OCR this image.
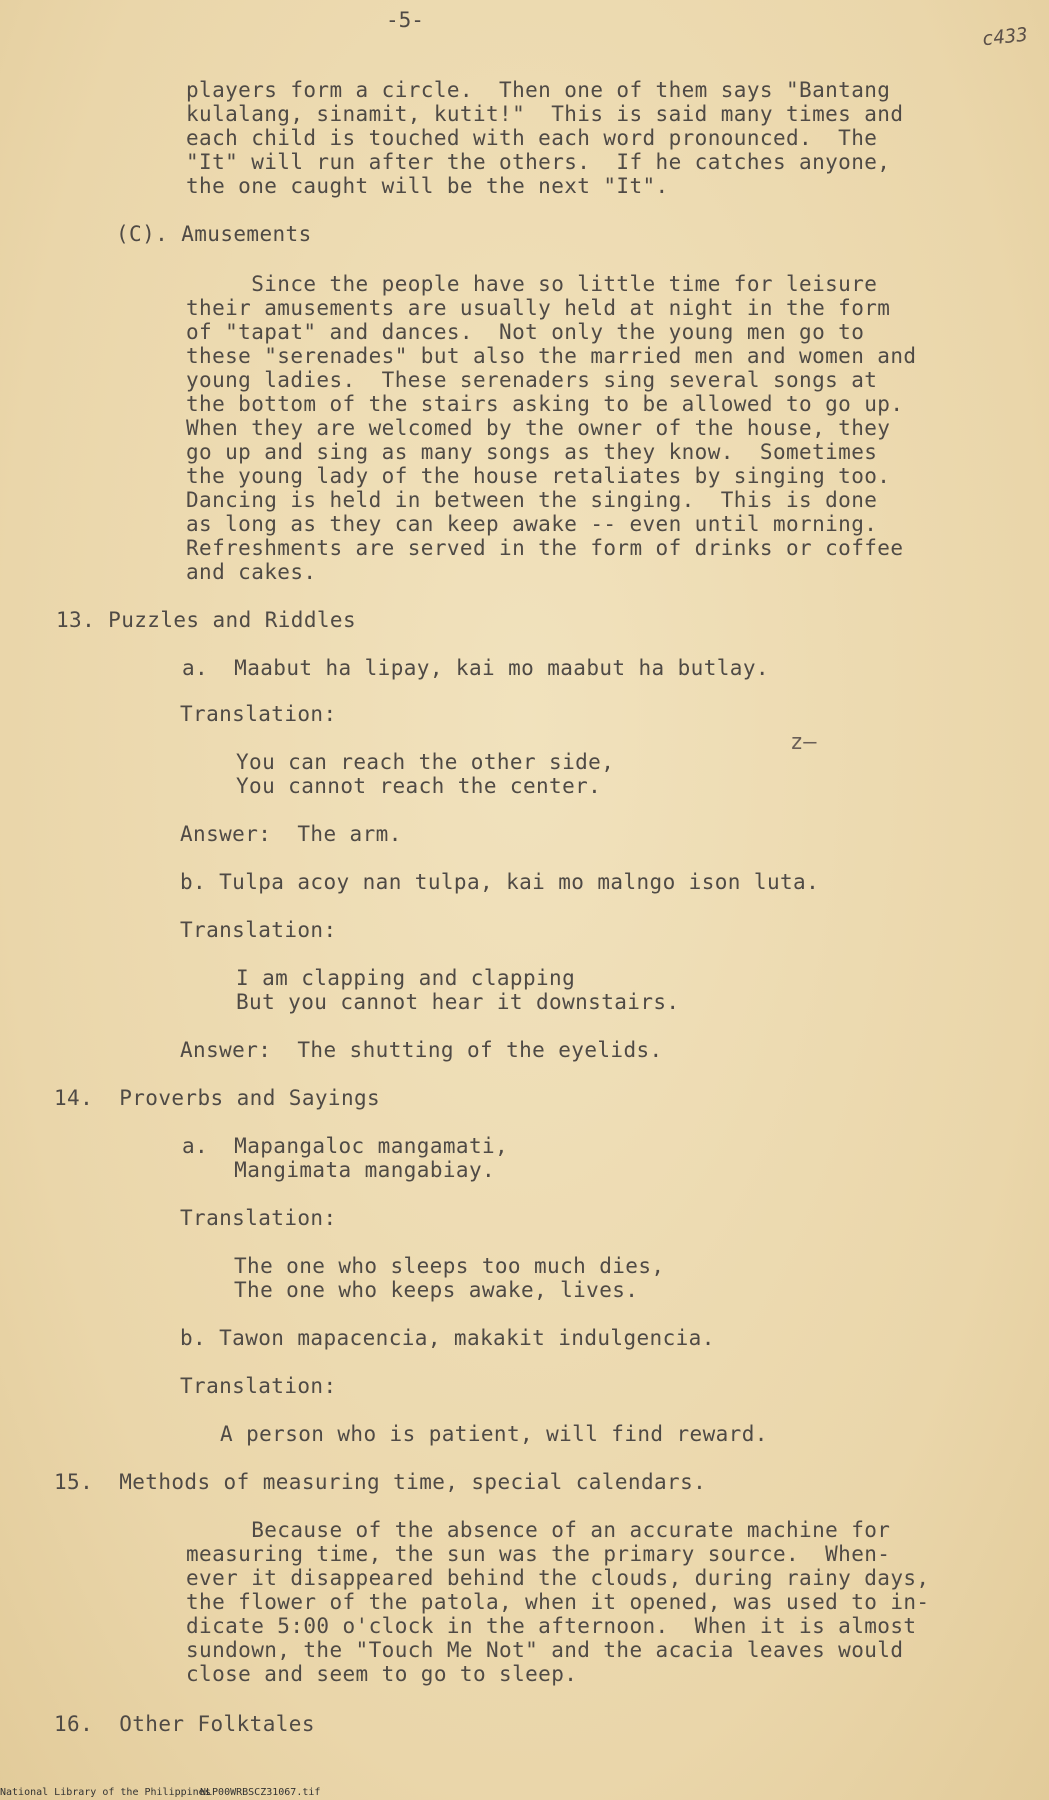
-5-
c433
players form a circle.  Then one of them says "Bantang
kulalang, sinamit, kutit!"  This is said many times and
each child is touched with each word pronounced.  The
"It" will run after the others.  If he catches anyone,
the one caught will be the next "It".
(C). Amusements
Since the people have so little time for leisure
their amusements are usually held at night in the form
of "tapat" and dances.  Not only the young men go to
these "serenades" but also the married men and women and
young ladies.  These serenaders sing several songs at
the bottom of the stairs asking to be allowed to go up.
When they are welcomed by the owner of the house, they
go up and sing as many songs as they know.  Sometimes
the young lady of the house retaliates by singing too.
Dancing is held in between the singing.  This is done
as long as they can keep awake -- even until morning.
Refreshments are served in the form of drinks or coffee
and cakes.
13. Puzzles and Riddles
a.  Maabut ha lipay, kai mo maabut ha butlay.
Translation:
You can reach the other side,
You cannot reach the center.
z—
Answer:  The arm.
b. Tulpa acoy nan tulpa, kai mo malngo ison luta.
Translation:
I am clapping and clapping
But you cannot hear it downstairs.
Answer:  The shutting of the eyelids.
14.  Proverbs and Sayings
a.  Mapangaloc mangamati,
Mangimata mangabiay.
Translation:
The one who sleeps too much dies,
The one who keeps awake, lives.
b. Tawon mapacencia, makakit indulgencia.
Translation:
A person who is patient, will find reward.
15.  Methods of measuring time, special calendars.
Because of the absence of an accurate machine for
measuring time, the sun was the primary source.  When-
ever it disappeared behind the clouds, during rainy days,
the flower of the patola, when it opened, was used to in-
dicate 5:00 o'clock in the afternoon.  When it is almost
sundown, the "Touch Me Not" and the acacia leaves would
close and seem to go to sleep.
16.  Other Folktales
National Library of the Philippines
NLP00WRBSCZ31067.tif
